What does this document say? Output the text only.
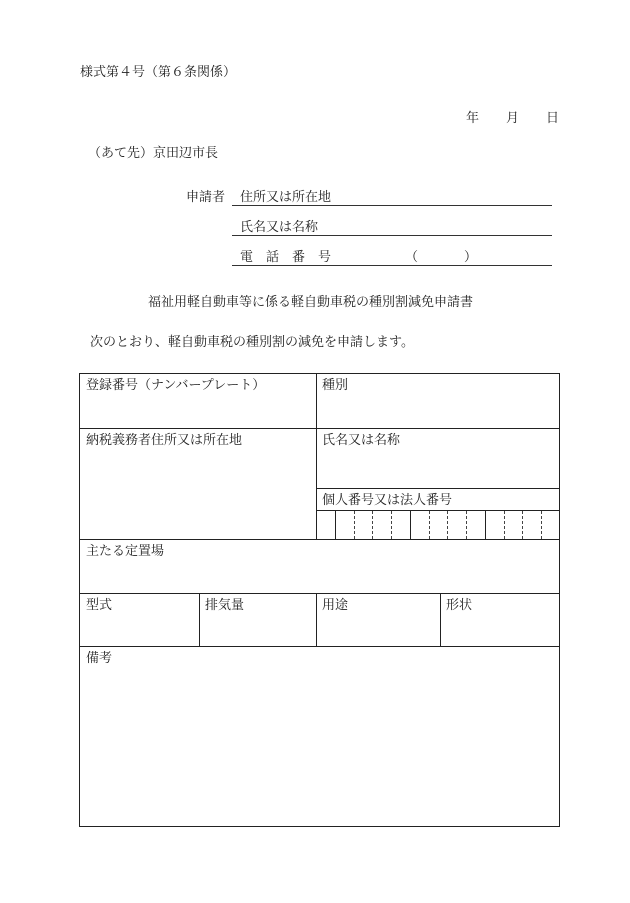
様式第４号（第６条関係）
年 月 日
（あて先）京田辺市長
申請者 住所又は所在地
氏名又は名称
電　話　番　号	（	）
福祉用軽自動車等に係る軽自動車税の種別割減免申請書
次のとおり、軽自動車税の種別割の減免を申請します。
登録番号（ナンバープレート）	種別
納税義務者住所又は所在地	氏名又は名称
個人番号又は法人番号
主たる定置場
型式	排気量	用途	形状
備考
